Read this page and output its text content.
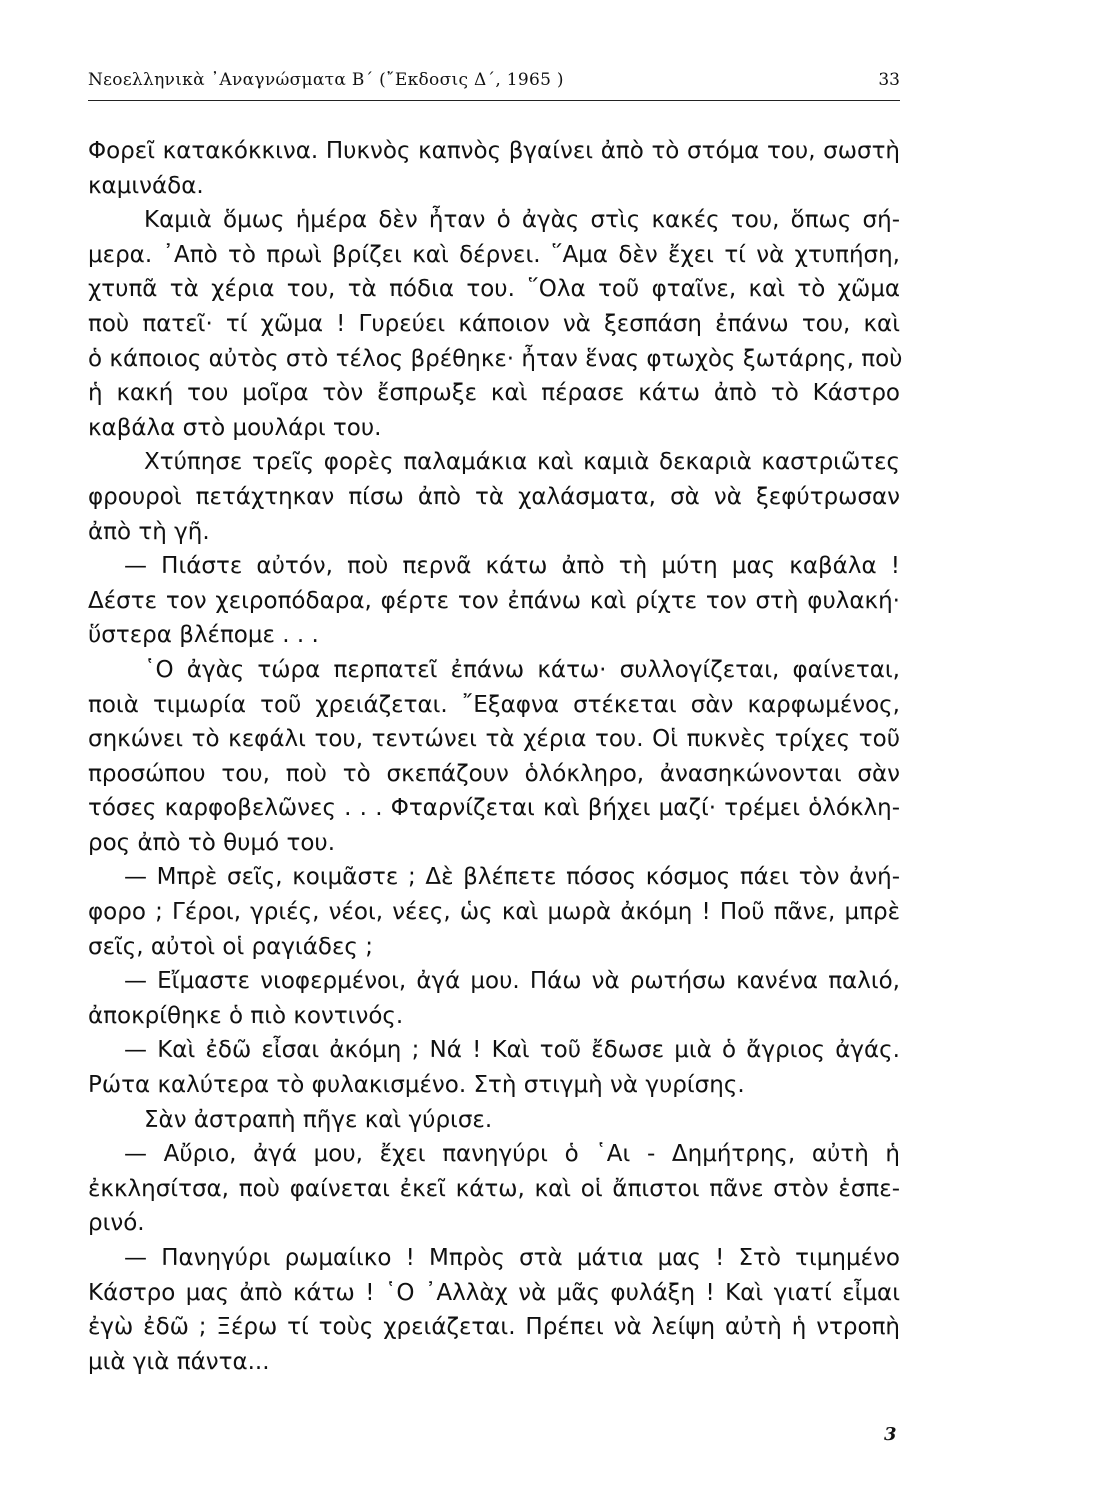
Νεοελληνικὰ ᾿Αναγνώσματα Β΄ (῎Εκδοσις Δ΄, 1965 )	33
Φορεῖ κατακόκκινα. Πυκνὸς καπνὸς βγαίνει ἀπὸ τὸ στόμα του, σωστὴ
καμινάδα.
Καμιὰ ὅμως ἡμέρα δὲν ἦταν ὁ ἀγὰς στὶς κακές του, ὅπως σή-
μερα. ᾿Απὸ τὸ πρωὶ βρίζει καὶ δέρνει. ῞Αμα δὲν ἔχει τί νὰ χτυπήση,
χτυπᾶ τὰ χέρια του, τὰ πόδια του. ῞Ολα τοῦ φταῖνε, καὶ τὸ χῶμα
ποὺ πατεῖ· τί χῶμα ! Γυρεύει κάποιον νὰ ξεσπάση ἐπάνω του, καὶ
ὁ κάποιος αὐτὸς στὸ τέλος βρέθηκε· ἦταν ἕνας φτωχὸς ξωτάρης, ποὺ
ἡ κακή του μοῖρα τὸν ἔσπρωξε καὶ πέρασε κάτω ἀπὸ τὸ Κάστρο
καβάλα στὸ μουλάρι του.
Χτύπησε τρεῖς φορὲς παλαμάκια καὶ καμιὰ δεκαριὰ καστριῶτες
φρουροὶ πετάχτηκαν πίσω ἀπὸ τὰ χαλάσματα, σὰ νὰ ξεφύτρωσαν
ἀπὸ τὴ γῆ.
— Πιάστε αὐτόν, ποὺ περνᾶ κάτω ἀπὸ τὴ μύτη μας καβάλα !
Δέστε τον χειροπόδαρα, φέρτε τον ἐπάνω καὶ ρίχτε τον στὴ φυλακή·
ὕστερα βλέπομε . . .
῾Ο ἀγὰς τώρα περπατεῖ ἐπάνω κάτω· συλλογίζεται, φαίνεται,
ποιὰ τιμωρία τοῦ χρειάζεται. ῎Εξαφνα στέκεται σὰν καρφωμένος,
σηκώνει τὸ κεφάλι του, τεντώνει τὰ χέρια του. Οἱ πυκνὲς τρίχες τοῦ
προσώπου του, ποὺ τὸ σκεπάζουν ὁλόκληρο, ἀνασηκώνονται σὰν
τόσες καρφοβελῶνες . . . Φταρνίζεται καὶ βήχει μαζί· τρέμει ὁλόκλη-
ρος ἀπὸ τὸ θυμό του.
— Μπρὲ σεῖς, κοιμᾶστε ; Δὲ βλέπετε πόσος κόσμος πάει τὸν ἀνή-
φορο ; Γέροι, γριές, νέοι, νέες, ὡς καὶ μωρὰ ἀκόμη ! Ποῦ πᾶνε, μπρὲ
σεῖς, αὐτοὶ οἱ ραγιάδες ;
— Εἴμαστε νιοφερμένοι, ἀγά μου. Πάω νὰ ρωτήσω κανένα παλιό,
ἀποκρίθηκε ὁ πιὸ κοντινός.
— Καὶ ἐδῶ εἶσαι ἀκόμη ; Νά ! Καὶ τοῦ ἔδωσε μιὰ ὁ ἄγριος ἀγάς.
Ρώτα καλύτερα τὸ φυλακισμένο. Στὴ στιγμὴ νὰ γυρίσης.
Σὰν ἀστραπὴ πῆγε καὶ γύρισε.
— Αὔριο, ἀγά μου, ἔχει πανηγύρι ὁ ῾Αι - Δημήτρης, αὐτὴ ἡ
ἐκκλησίτσα, ποὺ φαίνεται ἐκεῖ κάτω, καὶ οἱ ἄπιστοι πᾶνε στὸν ἑσπε-
ρινό.
— Πανηγύρι ρωμαίικο ! Μπρὸς στὰ μάτια μας ! Στὸ τιμημένο
Κάστρο μας ἀπὸ κάτω ! ῾Ο ᾿Αλλὰχ νὰ μᾶς φυλάξη ! Καὶ γιατί εἶμαι
ἐγὼ ἐδῶ ; Ξέρω τί τοὺς χρειάζεται. Πρέπει νὰ λείψη αὐτὴ ἡ ντροπὴ
μιὰ γιὰ πάντα...
3
